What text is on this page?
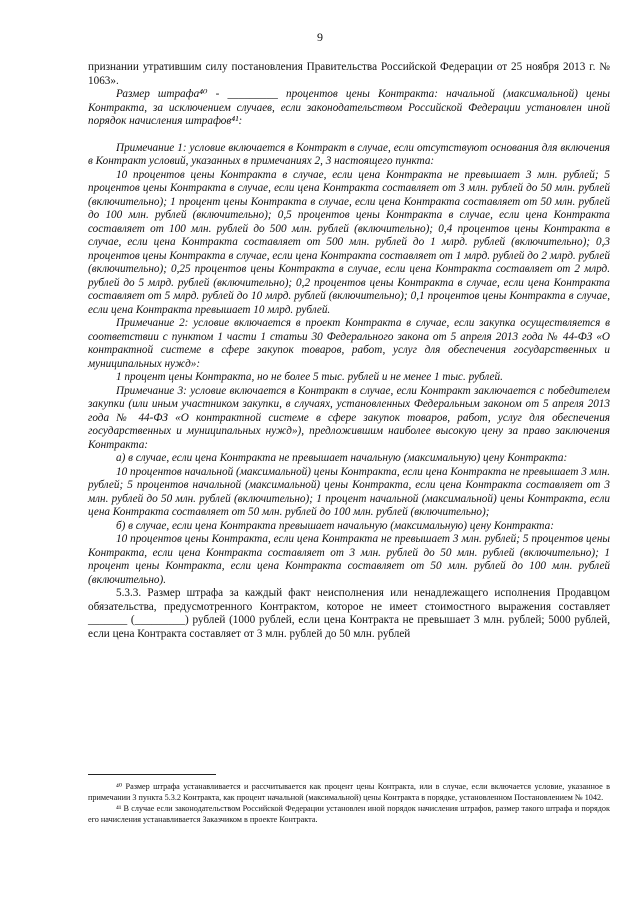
9

признании утратившим силу постановления Правительства Российской Федерации от 25 ноября 2013 г. № 1063».

Размер штрафа⁴⁰ - _________ процентов цены Контракта: начальной (максимальной) цены Контракта, за исключением случаев, если законодательством Российской Федерации установлен иной порядок начисления штрафов⁴¹:

Примечание 1: условие включается в Контракт в случае, если отсутствуют основания для включения в Контракт условий, указанных в примечаниях 2, 3 настоящего пункта:

10 процентов цены Контракта в случае, если цена Контракта не превышает 3 млн. рублей; 5 процентов цены Контракта в случае, если цена Контракта составляет от 3 млн. рублей до 50 млн. рублей (включительно); 1 процент цены Контракта в случае, если цена Контракта составляет от 50 млн. рублей до 100 млн. рублей (включительно); 0,5 процентов цены Контракта в случае, если цена Контракта составляет от 100 млн. рублей до 500 млн. рублей (включительно); 0,4 процентов цены Контракта в случае, если цена Контракта составляет от 500 млн. рублей до 1 млрд. рублей (включительно); 0,3 процентов цены Контракта в случае, если цена Контракта составляет от 1 млрд. рублей до 2 млрд. рублей (включительно); 0,25 процентов цены Контракта в случае, если цена Контракта составляет от 2 млрд. рублей до 5 млрд. рублей (включительно); 0,2 процентов цены Контракта в случае, если цена Контракта составляет от 5 млрд. рублей до 10 млрд. рублей (включительно); 0,1 процентов цены Контракта в случае, если цена Контракта превышает 10 млрд. рублей.

Примечание 2: условие включается в проект Контракта в случае, если закупка осуществляется в соответствии с пунктом 1 части 1 статьи 30 Федерального закона от 5 апреля 2013 года № 44-ФЗ «О контрактной системе в сфере закупок товаров, работ, услуг для обеспечения государственных и муниципальных нужд»:

1 процент цены Контракта, но не более 5 тыс. рублей и не менее 1 тыс. рублей.

Примечание 3: условие включается в Контракт в случае, если Контракт заключается с победителем закупки (или иным участником закупки, в случаях, установленных Федеральным законом от 5 апреля 2013 года № 44-ФЗ «О контрактной системе в сфере закупок товаров, работ, услуг для обеспечения государственных и муниципальных нужд»), предложившим наиболее высокую цену за право заключения Контракта:

а) в случае, если цена Контракта не превышает начальную (максимальную) цену Контракта:

10 процентов начальной (максимальной) цены Контракта, если цена Контракта не превышает 3 млн. рублей; 5 процентов начальной (максимальной) цены Контракта, если цена Контракта составляет от 3 млн. рублей до 50 млн. рублей (включительно); 1 процент начальной (максимальной) цены Контракта, если цена Контракта составляет от 50 млн. рублей до 100 млн. рублей (включительно);

б) в случае, если цена Контракта превышает начальную (максимальную) цену Контракта:

10 процентов цены Контракта, если цена Контракта не превышает 3 млн. рублей; 5 процентов цены Контракта, если цена Контракта составляет от 3 млн. рублей до 50 млн. рублей (включительно); 1 процент цены Контракта, если цена Контракта составляет от 50 млн. рублей до 100 млн. рублей (включительно).

5.3.3. Размер штрафа за каждый факт неисполнения или ненадлежащего исполнения Продавцом обязательства, предусмотренного Контрактом, которое не имеет стоимостного выражения составляет _______ (_________) рублей (1000 рублей, если цена Контракта не превышает 3 млн. рублей; 5000 рублей, если цена Контракта составляет от 3 млн. рублей до 50 млн. рублей

⁴⁰ Размер штрафа устанавливается и рассчитывается как процент цены Контракта, или в случае, если включается условие, указанное в примечании 3 пункта 5.3.2 Контракта, как процент начальной (максимальной) цены Контракта в порядке, установленном Постановлением № 1042.

⁴¹ В случае если законодательством Российской Федерации установлен иной порядок начисления штрафов, размер такого штрафа и порядок его начисления устанавливается Заказчиком в проекте Контракта.
